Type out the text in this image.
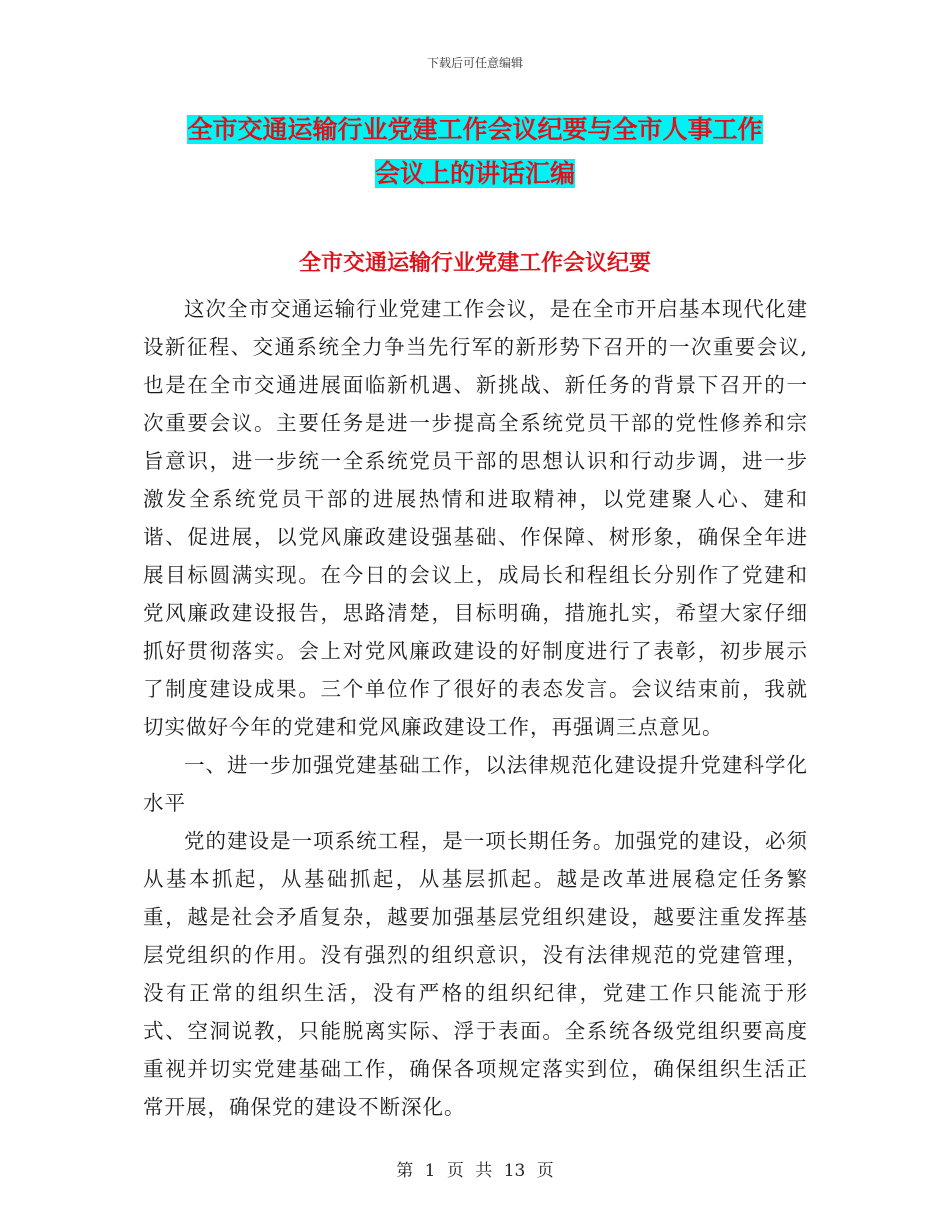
下载后可任意编辑
全市交通运输行业党建工作会议纪要与全市人事工作
会议上的讲话汇编
全市交通运输行业党建工作会议纪要

这次全市交通运输行业党建工作会议，是在全市开启基本现代化建设新征程、交通系统全力争当先行军的新形势下召开的一次重要会议,也是在全市交通进展面临新机遇、新挑战、新任务的背景下召开的一次重要会议。主要任务是进一步提高全系统党员干部的党性修养和宗旨意识，进一步统一全系统党员干部的思想认识和行动步调，进一步激发全系统党员干部的进展热情和进取精神，以党建聚人心、建和谐、促进展，以党风廉政建设强基础、作保障、树形象，确保全年进展目标圆满实现。在今日的会议上，成局长和程组长分别作了党建和党风廉政建设报告，思路清楚，目标明确，措施扎实，希望大家仔细抓好贯彻落实。会上对党风廉政建设的好制度进行了表彰，初步展示了制度建设成果。三个单位作了很好的表态发言。会议结束前，我就切实做好今年的党建和党风廉政建设工作，再强调三点意见。

一、进一步加强党建基础工作，以法律规范化建设提升党建科学化水平

党的建设是一项系统工程，是一项长期任务。加强党的建设，必须从基本抓起，从基础抓起，从基层抓起。越是改革进展稳定任务繁重，越是社会矛盾复杂，越要加强基层党组织建设，越要注重发挥基层党组织的作用。没有强烈的组织意识，没有法律规范的党建管理，没有正常的组织生活，没有严格的组织纪律，党建工作只能流于形式、空洞说教，只能脱离实际、浮于表面。全系统各级党组织要高度重视并切实党建基础工作，确保各项规定落实到位，确保组织生活正常开展，确保党的建设不断深化。

第 1 页 共 13 页
